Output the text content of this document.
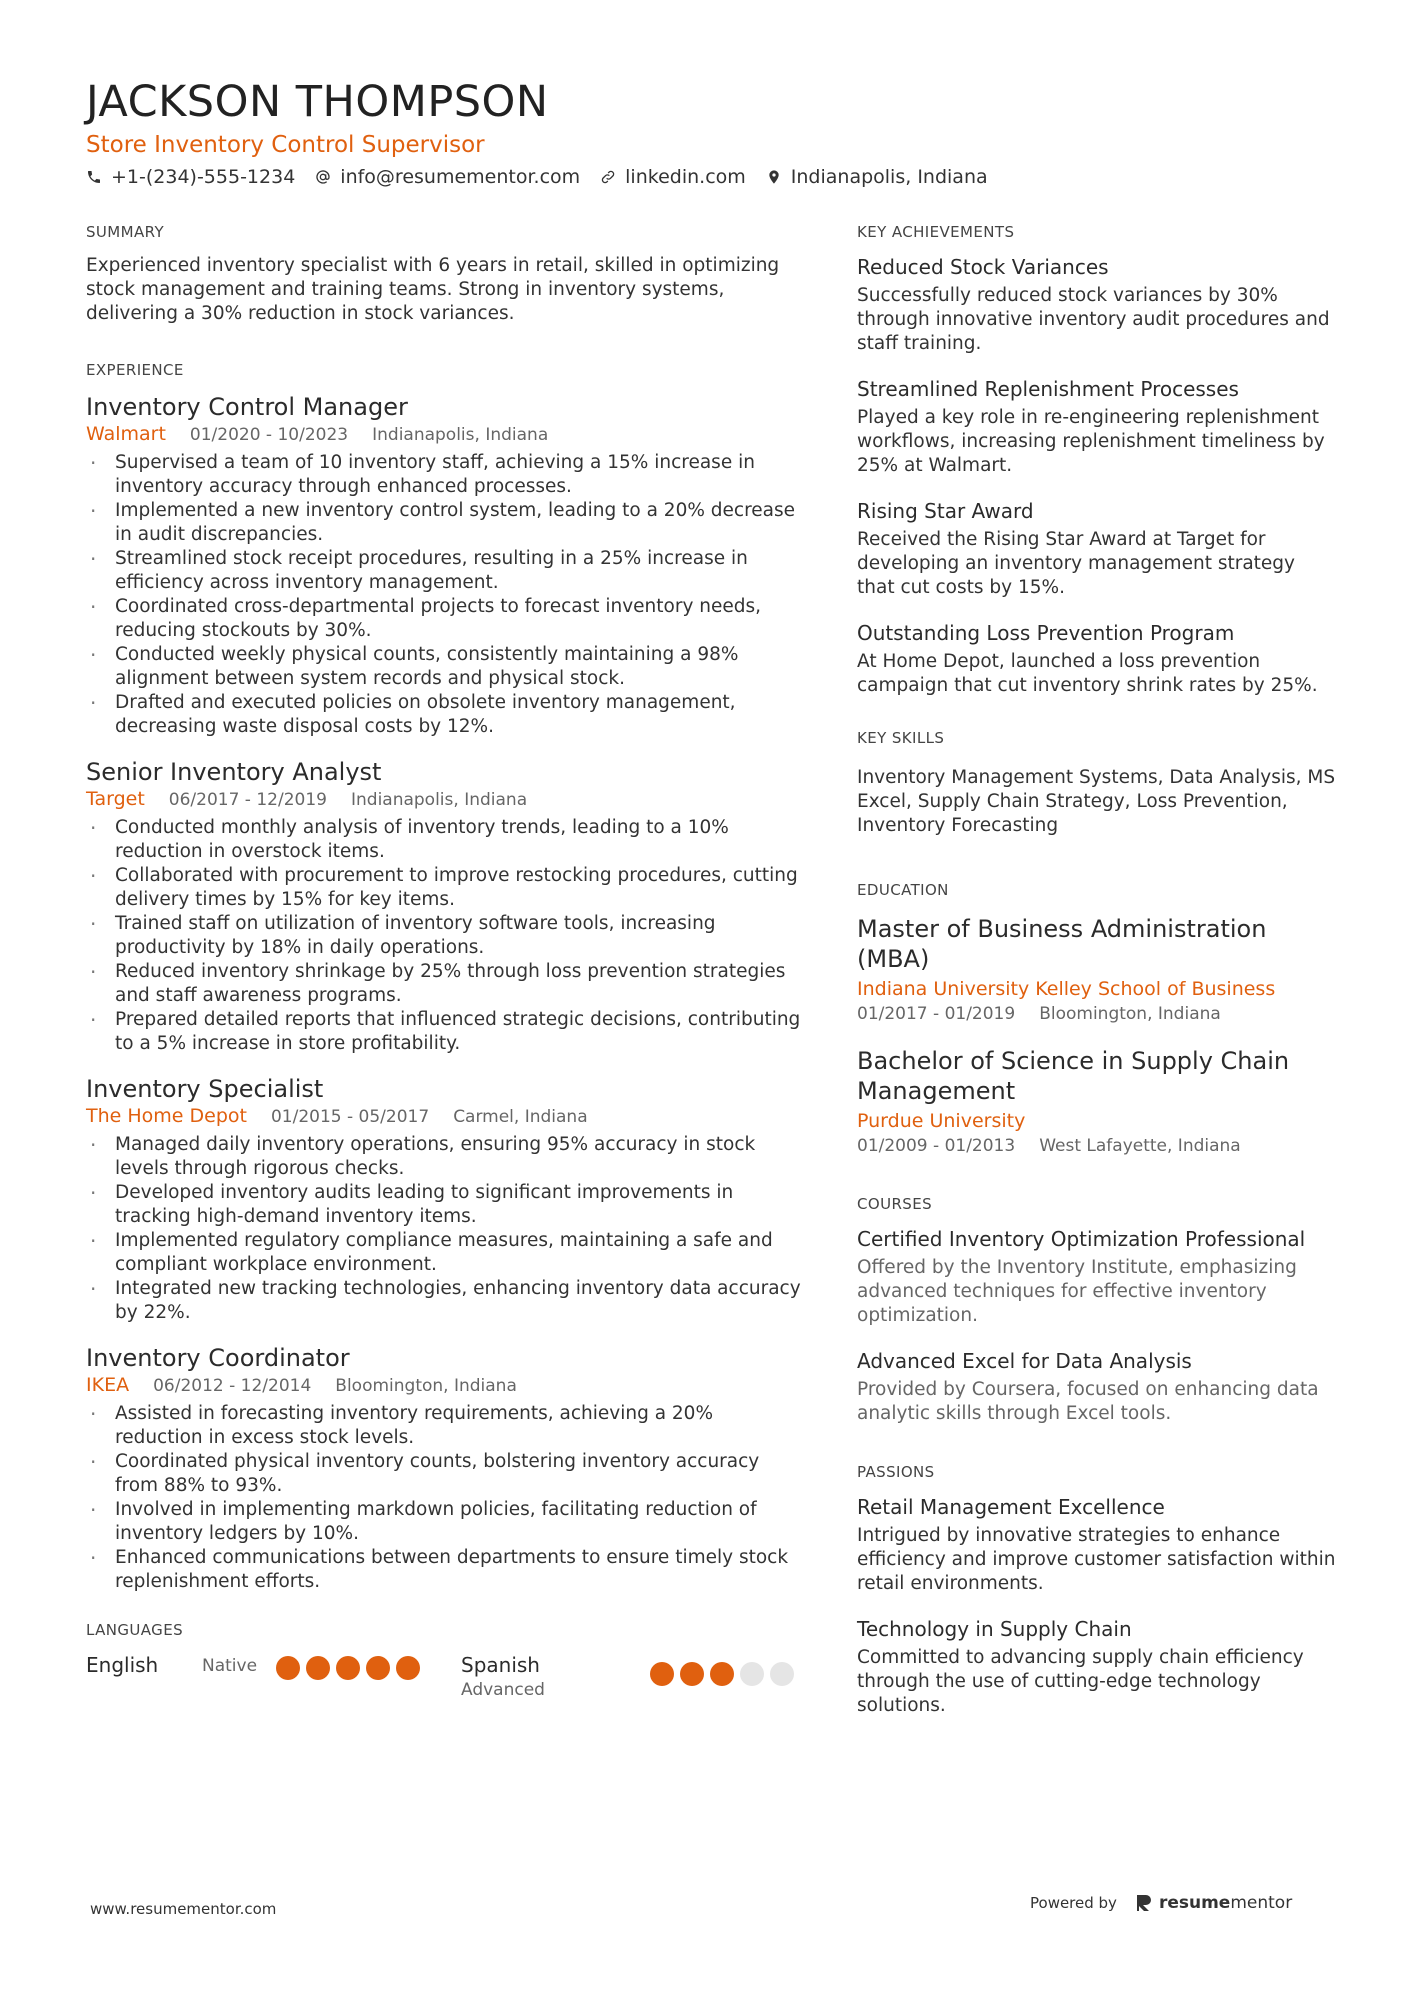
JACKSON THOMPSON
Store Inventory Control Supervisor
+1-(234)-555-1234 info@resumementor.com linkedin.com Indianapolis, Indiana
SUMMARY
Experienced inventory specialist with 6 years in retail, skilled in optimizing stock management and training teams. Strong in inventory systems, delivering a 30% reduction in stock variances.
EXPERIENCE
Inventory Control Manager
Walmart 01/2020 - 10/2023 Indianapolis, Indiana
· Supervised a team of 10 inventory staff, achieving a 15% increase in inventory accuracy through enhanced processes.
· Implemented a new inventory control system, leading to a 20% decrease in audit discrepancies.
· Streamlined stock receipt procedures, resulting in a 25% increase in efficiency across inventory management.
· Coordinated cross-departmental projects to forecast inventory needs, reducing stockouts by 30%.
· Conducted weekly physical counts, consistently maintaining a 98% alignment between system records and physical stock.
· Drafted and executed policies on obsolete inventory management, decreasing waste disposal costs by 12%.
Senior Inventory Analyst
Target 06/2017 - 12/2019 Indianapolis, Indiana
· Conducted monthly analysis of inventory trends, leading to a 10% reduction in overstock items.
· Collaborated with procurement to improve restocking procedures, cutting delivery times by 15% for key items.
· Trained staff on utilization of inventory software tools, increasing productivity by 18% in daily operations.
· Reduced inventory shrinkage by 25% through loss prevention strategies and staff awareness programs.
· Prepared detailed reports that influenced strategic decisions, contributing to a 5% increase in store profitability.
Inventory Specialist
The Home Depot 01/2015 - 05/2017 Carmel, Indiana
· Managed daily inventory operations, ensuring 95% accuracy in stock levels through rigorous checks.
· Developed inventory audits leading to significant improvements in tracking high-demand inventory items.
· Implemented regulatory compliance measures, maintaining a safe and compliant workplace environment.
· Integrated new tracking technologies, enhancing inventory data accuracy by 22%.
Inventory Coordinator
IKEA 06/2012 - 12/2014 Bloomington, Indiana
· Assisted in forecasting inventory requirements, achieving a 20% reduction in excess stock levels.
· Coordinated physical inventory counts, bolstering inventory accuracy from 88% to 93%.
· Involved in implementing markdown policies, facilitating reduction of inventory ledgers by 10%.
· Enhanced communications between departments to ensure timely stock replenishment efforts.
LANGUAGES
English	Native	Spanish
Advanced
KEY ACHIEVEMENTS
Reduced Stock Variances
Successfully reduced stock variances by 30% through innovative inventory audit procedures and staff training.
Streamlined Replenishment Processes
Played a key role in re-engineering replenishment workflows, increasing replenishment timeliness by 25% at Walmart.
Rising Star Award
Received the Rising Star Award at Target for developing an inventory management strategy that cut costs by 15%.
Outstanding Loss Prevention Program
At Home Depot, launched a loss prevention campaign that cut inventory shrink rates by 25%.
KEY SKILLS
Inventory Management Systems, Data Analysis, MS Excel, Supply Chain Strategy, Loss Prevention, Inventory Forecasting
EDUCATION
Master of Business Administration (MBA)
Indiana University Kelley School of Business
01/2017 - 01/2019 Bloomington, Indiana
Bachelor of Science in Supply Chain Management
Purdue University
01/2009 - 01/2013 West Lafayette, Indiana
COURSES
Certified Inventory Optimization Professional
Offered by the Inventory Institute, emphasizing advanced techniques for effective inventory optimization.
Advanced Excel for Data Analysis
Provided by Coursera, focused on enhancing data analytic skills through Excel tools.
PASSIONS
Retail Management Excellence
Intrigued by innovative strategies to enhance efficiency and improve customer satisfaction within retail environments.
Technology in Supply Chain
Committed to advancing supply chain efficiency through the use of cutting-edge technology solutions.
www.resumementor.com	Powered by resumementor
